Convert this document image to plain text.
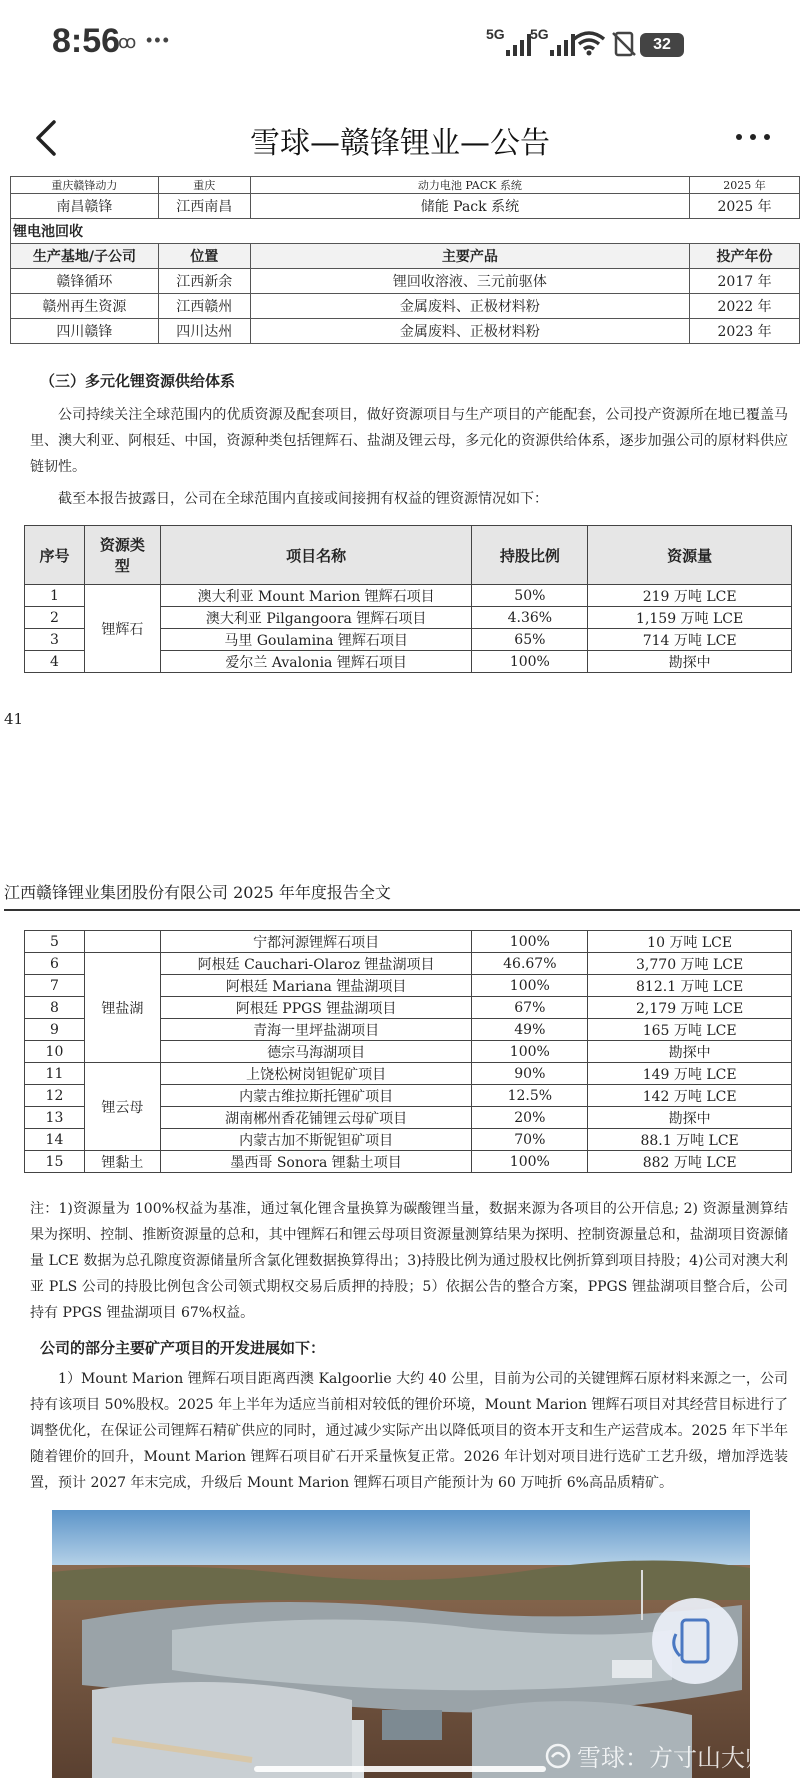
8:56
ꝏ •••	5G 5G
32
雪球—赣锋锂业—公告
重庆赣锋动力	重庆	动力电池 PACK 系统	2025 年
南昌赣锋	江西南昌	储能 Pack 系统	2025 年
锂电池回收			
生产基地/子公司	位置	主要产品	投产年份
赣锋循环	江西新余	锂回收溶液、三元前驱体	2017 年
赣州再生资源	江西赣州	金属废料、正极材料粉	2022 年
四川赣锋	四川达州	金属废料、正极材料粉	2023 年
（三）多元化锂资源供给体系
公司持续关注全球范围内的优质资源及配套项目，做好资源项目与生产项目的产能配套，公司投产资源所在地已覆盖马里、澳大利亚、阿根廷、中国，资源种类包括锂辉石、盐湖及锂云母，多元化的资源供给体系，逐步加强公司的原材料供应链韧性。
截至本报告披露日，公司在全球范围内直接或间接拥有权益的锂资源情况如下：
序号	资源类型	项目名称	持股比例	资源量
1	锂辉石	澳大利亚 Mount Marion 锂辉石项目	50%	219 万吨 LCE
2		澳大利亚 Pilgangoora 锂辉石项目	4.36%	1,159 万吨 LCE
3		马里 Goulamina 锂辉石项目	65%	714 万吨 LCE
4		爱尔兰 Avalonia 锂辉石项目	100%	勘探中
41
江西赣锋锂业集团股份有限公司 2025 年年度报告全文
5		宁都河源锂辉石项目	100%	10 万吨 LCE
6	锂盐湖	阿根廷 Cauchari-Olaroz 锂盐湖项目	46.67%	3,770 万吨 LCE
7		阿根廷 Mariana 锂盐湖项目	100%	812.1 万吨 LCE
8		阿根廷 PPGS 锂盐湖项目	67%	2,179 万吨 LCE
9		青海一里坪盐湖项目	49%	165 万吨 LCE
10		德宗马海湖项目	100%	勘探中
11	锂云母	上饶松树岗钽铌矿项目	90%	149 万吨 LCE
12		内蒙古维拉斯托锂矿项目	12.5%	142 万吨 LCE
13		湖南郴州香花铺锂云母矿项目	20%	勘探中
14		内蒙古加不斯铌钽矿项目	70%	88.1 万吨 LCE
15	锂黏土	墨西哥 Sonora 锂黏土项目	100%	882 万吨 LCE
注：1)资源量为 100%权益为基准，通过氧化锂含量换算为碳酸锂当量，数据来源为各项目的公开信息; 2) 资源量测算结果为探明、控制、推断资源量的总和，其中锂辉石和锂云母项目资源量测算结果为探明、控制资源量总和，盐湖项目资源储量 LCE 数据为总孔隙度资源储量所含氯化锂数据换算得出；3)持股比例为通过股权比例折算到项目持股；4)公司对澳大利亚 PLS 公司的持股比例包含公司领式期权交易后质押的持股；5）依据公告的整合方案，PPGS 锂盐湖项目整合后，公司持有 PPGS 锂盐湖项目 67%权益。
公司的部分主要矿产项目的开发进展如下：
1）Mount Marion 锂辉石项目距离西澳 Kalgoorlie 大约 40 公里，目前为公司的关键锂辉石原材料来源之一，公司持有该项目 50%股权。2025 年上半年为适应当前相对较低的锂价环境，Mount Marion 锂辉石项目对其经营目标进行了调整优化，在保证公司锂辉石精矿供应的同时，通过减少实际产出以降低项目的资本开支和生产运营成本。2025 年下半年随着锂价的回升，Mount Marion 锂辉石项目矿石开采量恢复正常。2026 年计划对项目进行选矿工艺升级，增加浮选装置，预计 2027 年末完成，升级后 Mount Marion 锂辉石项目产能预计为 60 万吨折 6%高品质精矿。
雪球：方寸山大师兄
